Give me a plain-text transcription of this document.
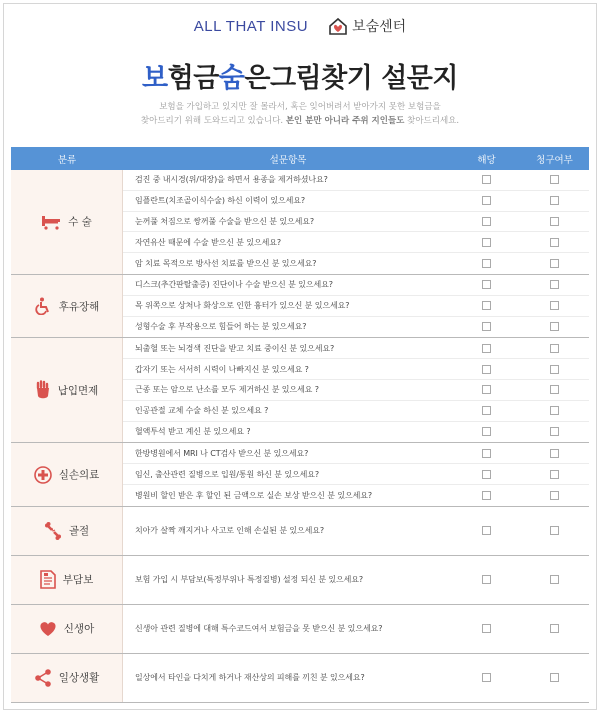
ALL THAT INSU	보숨센터
보험금숨은그림찾기 설문지
보험을 가입하고 있지만 잘 몰라서, 혹은 잊어버려서 받아가지 못한 보험금을
찾아드리기 위해 도와드리고 있습니다. 본인 분만 아니라 주위 지인들도 찾아드리세요.
분류	설문항목	해당	청구여부
수 술
검진 중 내시경(위/대장)을 하면서 용종을 제거하셨나요?
임플란트(치조골이식수술) 하신 이력이 있으세요?
눈꺼풀 처짐으로 쌍꺼풀 수술을 받으신 분 있으세요?
자연유산 때문에 수술 받으신 분 있으세요?
암 치료 목적으로 방사선 치료를 받으신 분 있으세요?
후유장해
디스크(추간판탈출증) 진단이나 수술 받으신 분 있으세요?
목 위쪽으로 상처나 화상으로 인한 흉터가 있으신 분 있으세요?
성형수술 후 부작용으로 힘들어 하는 분 있으세요?
납입면제
뇌출혈 또는 뇌경색 진단을 받고 치료 중이신 분 있으세요?
갑자기 또는 서서히 시력이 나빠지신 분 있으세요 ?
근종 또는 암으로 난소를 모두 제거하신 분 있으세요 ?
인공관절 교체 수술 하신 분 있으세요 ?
혈액투석 받고 계신 분 있으세요 ?
실손의료
한방병원에서 MRI 나 CT검사 받으신 분 있으세요?
임신, 출산관련 질병으로 입원/통원 하신 분 있으세요?
병원비 할인 받은 후 할인 된 금액으로 실손 보상 받으신 분 있으세요?
골절	치아가 살짝 깨지거나 사고로 인해 손실된 분 있으세요?
부담보	보험 가입 시 부담보(특정부위나 특정질병) 설정 되신 분 있으세요?
신생아	신생아 관련 질병에 대해 특수코드여서 보험금을 못 받으신 분 있으세요?
일상생활	일상에서 타인을 다치게 하거나 재산상의 피해를 끼친 분 있으세요?
